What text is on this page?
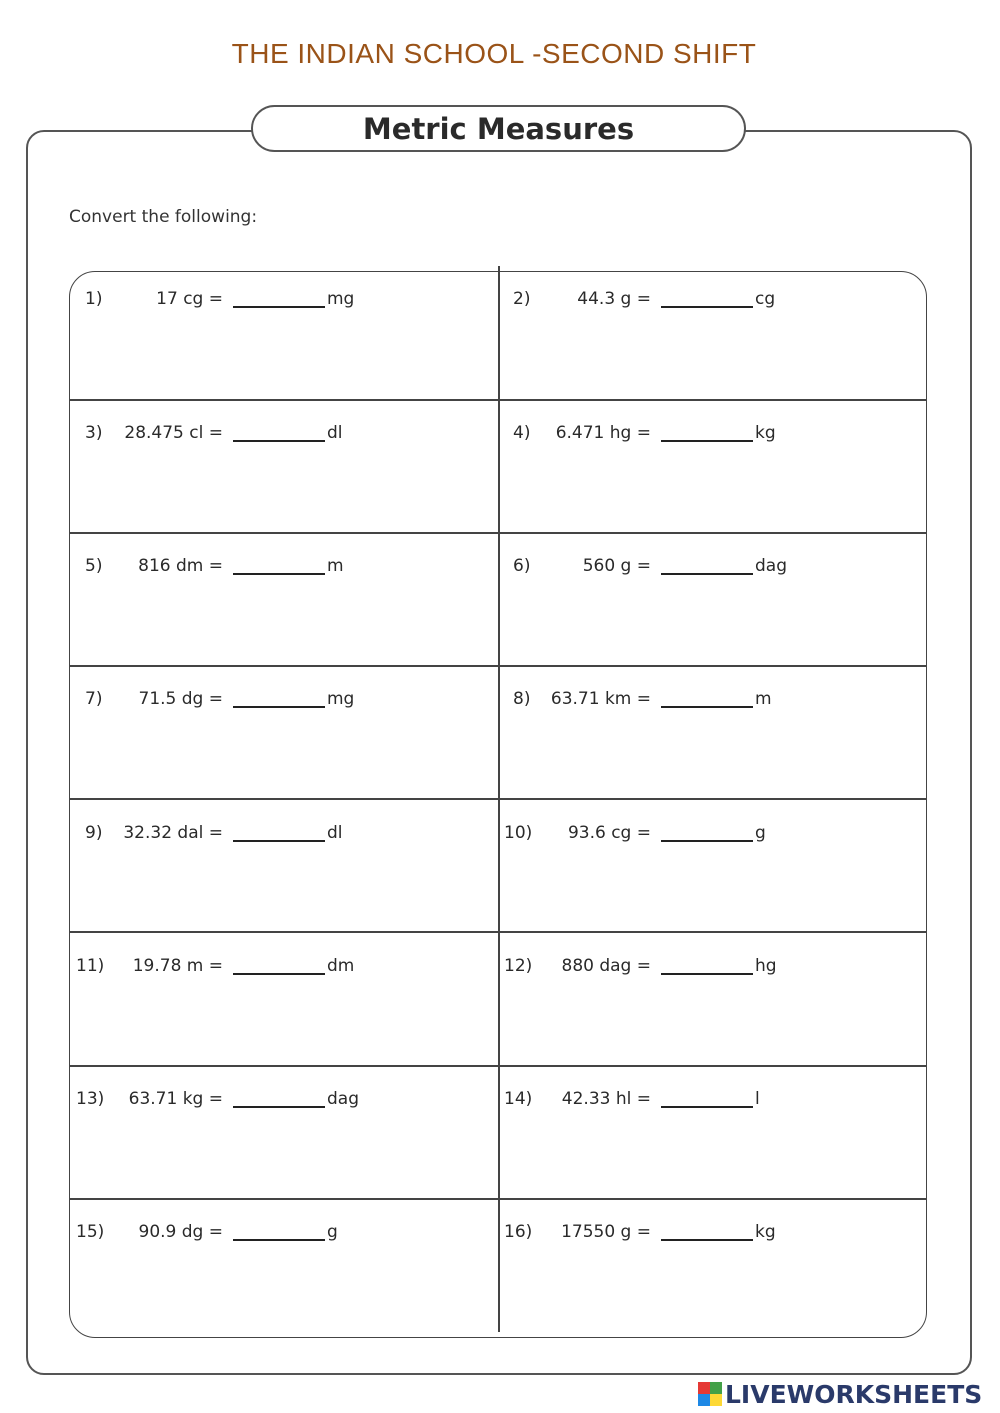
THE INDIAN SCHOOL -SECOND SHIFT
Metric Measures
Convert the following:
1)	17 cg =	mg	2)	44.3 g =	cg
3) 28.475 cl =	dl	4) 6.471 hg =	kg
5) 816 dm =	m	6)	560 g =	dag
7) 71.5 dg =	mg	8) 63.71 km =	m
9) 32.32 dal =	dl	10) 93.6 cg =	g
11) 19.78 m =	dm	12) 880 dag =	hg
13) 63.71 kg =	dag	14) 42.33 hl =	l
15) 90.9 dg =	g	16) 17550 g =	kg
LIVEWORKSHEETS
